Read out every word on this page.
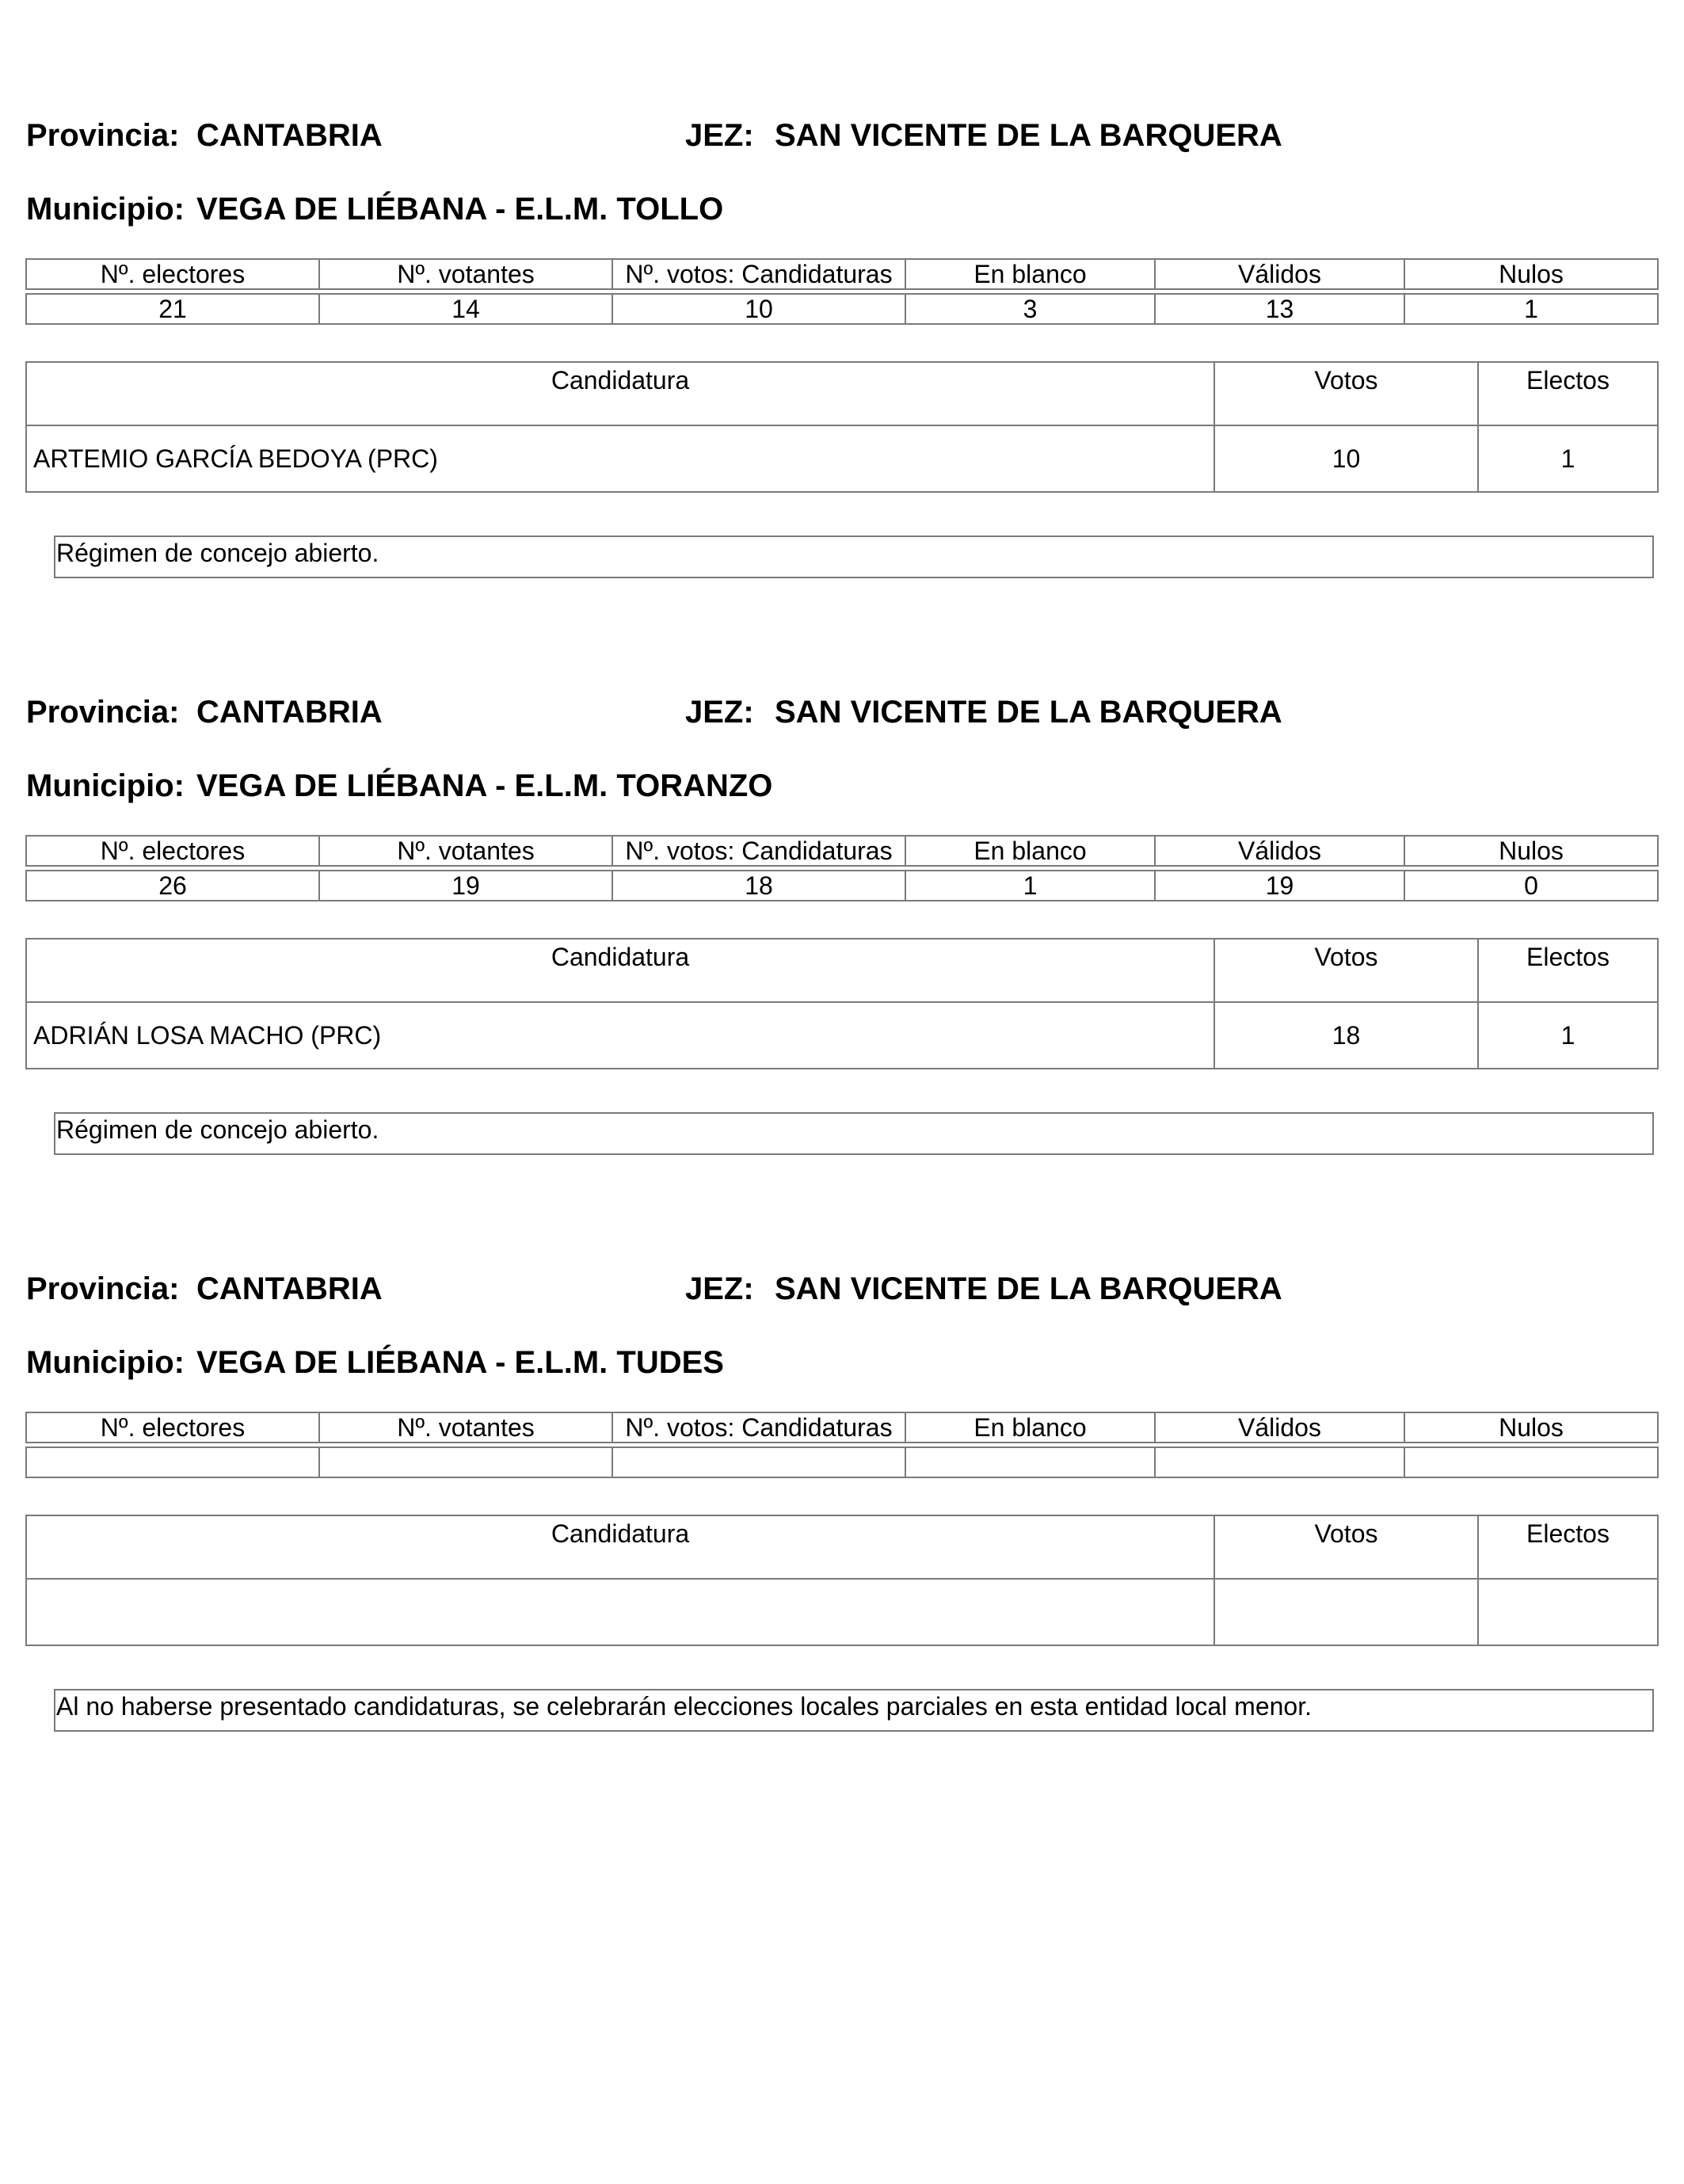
Provincia: CANTABRIA	JEZ: SAN VICENTE DE LA BARQUERA
Municipio: VEGA DE LIÉBANA - E.L.M. TOLLO
Nº. electores	Nº. votantes	Nº. votos: Candidaturas	En blanco	Válidos	Nulos

21	14	10	3	13	1
Candidatura	Votos	Electos
ARTEMIO GARCÍA BEDOYA (PRC)	10	1
Régimen de concejo abierto.
Provincia: CANTABRIA	JEZ: SAN VICENTE DE LA BARQUERA
Municipio: VEGA DE LIÉBANA - E.L.M. TORANZO
Nº. electores	Nº. votantes	Nº. votos: Candidaturas	En blanco	Válidos	Nulos

26	19	18	1	19	0
Candidatura	Votos	Electos
ADRIÁN LOSA MACHO (PRC)	18	1
Régimen de concejo abierto.
Provincia: CANTABRIA	JEZ: SAN VICENTE DE LA BARQUERA
Municipio: VEGA DE LIÉBANA - E.L.M. TUDES
Nº. electores	Nº. votantes	Nº. votos: Candidaturas	En blanco	Válidos	Nulos

Candidatura	Votos	Electos

Al no haberse presentado candidaturas, se celebrarán elecciones locales parciales en esta entidad local menor.
